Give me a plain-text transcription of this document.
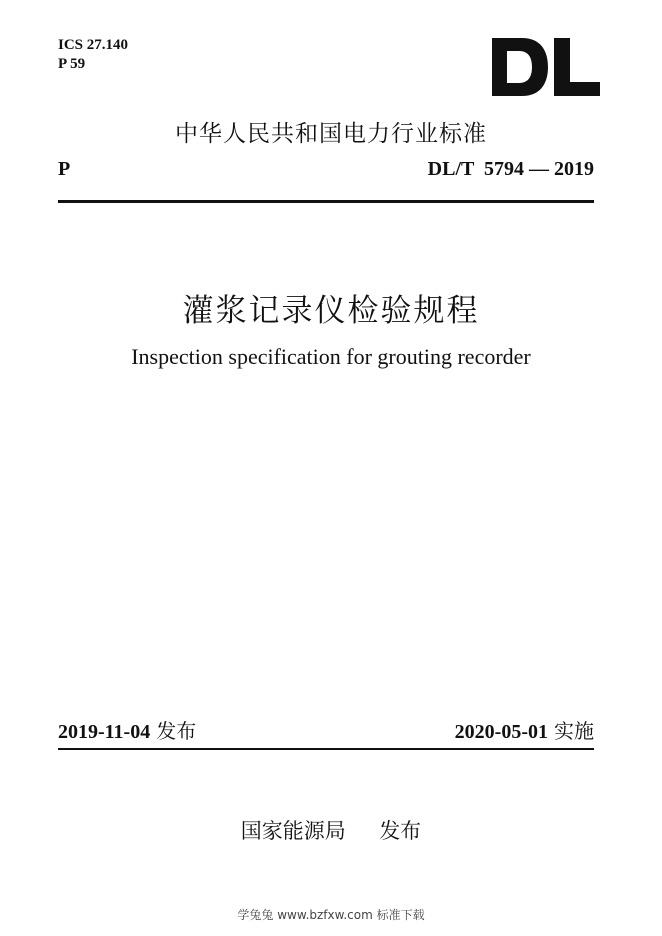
ICS 27.140
P 59
中华人民共和国电力行业标准
P	DL/T  5794 — 2019
灌浆记录仪检验规程
Inspection specification for grouting recorder
2019-11-04 发布	2020-05-01 实施
国家能源局 发布
学兔兔 www.bzfxw.com 标准下载
